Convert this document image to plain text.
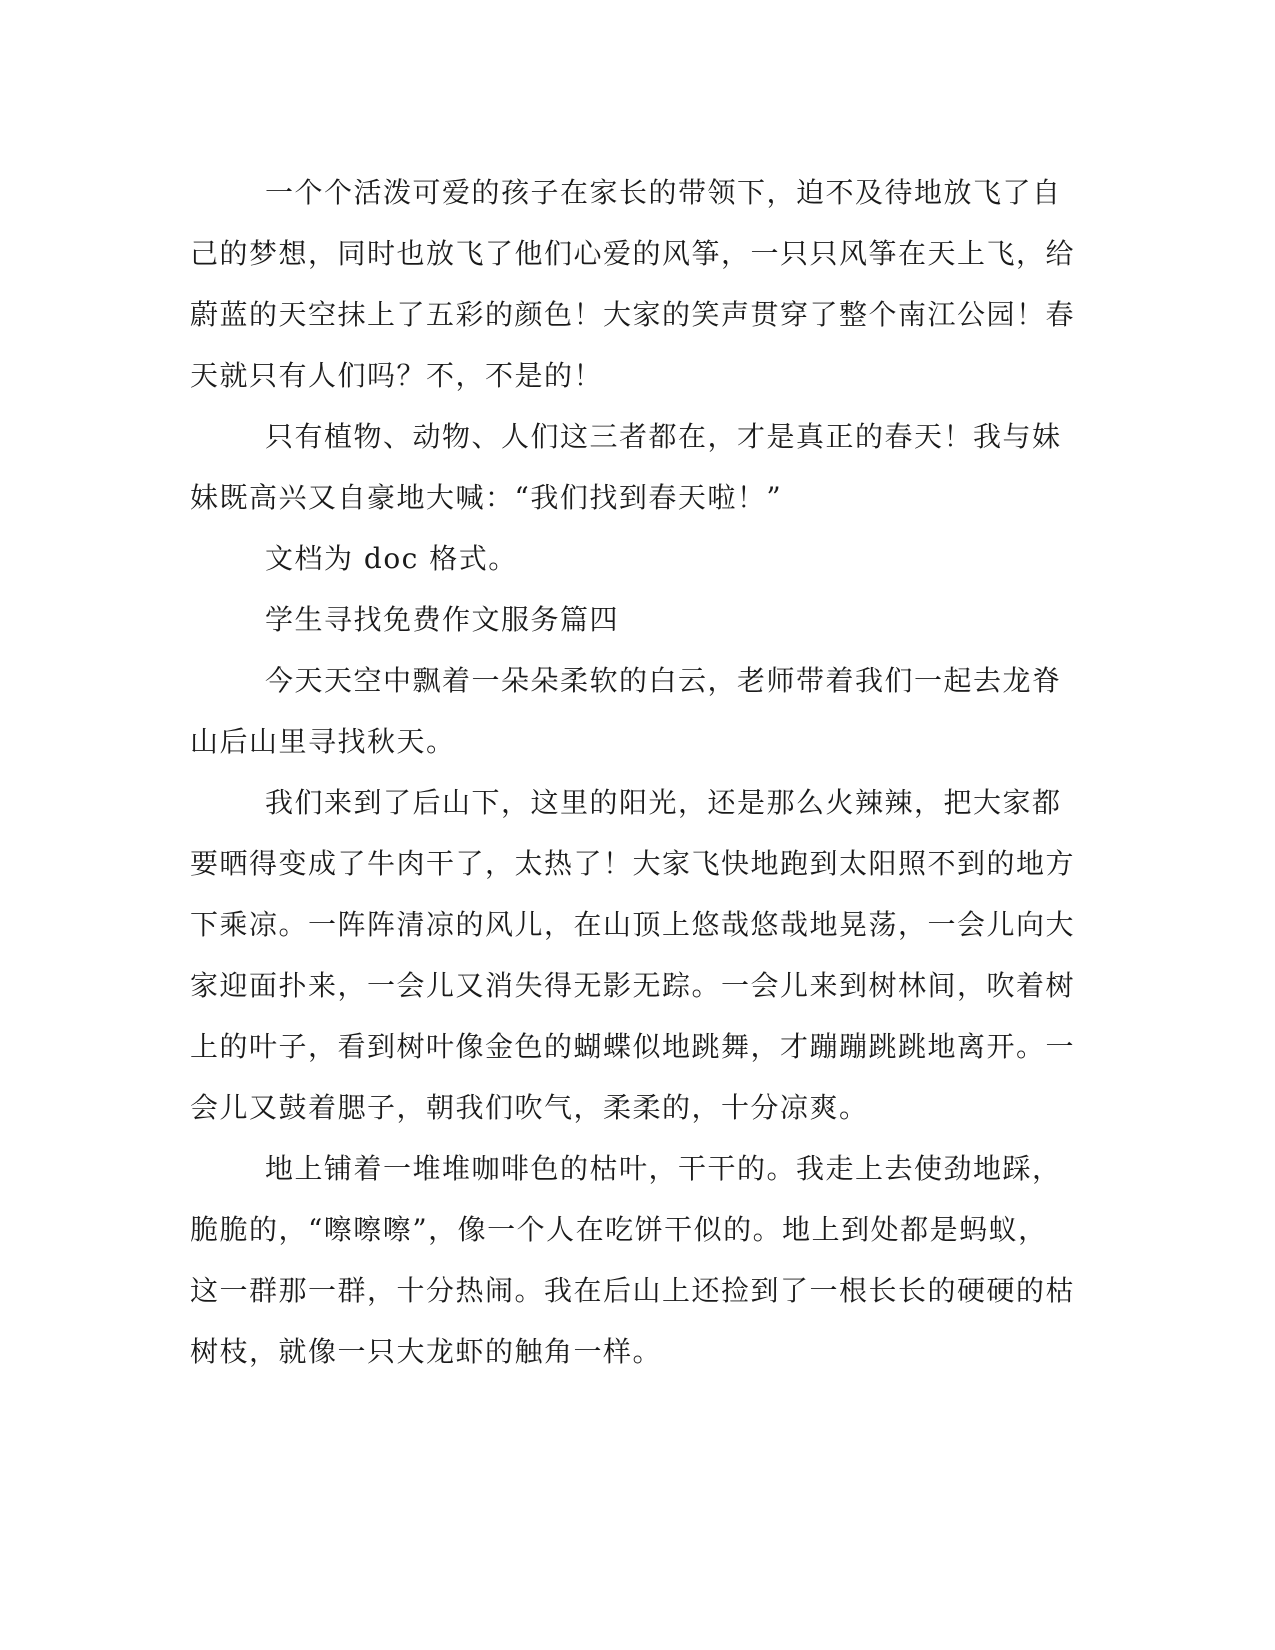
一个个活泼可爱的孩子在家长的带领下，迫不及待地放飞了自己的梦想，同时也放飞了他们心爱的风筝，一只只风筝在天上飞，给蔚蓝的天空抹上了五彩的颜色！大家的笑声贯穿了整个南江公园！春天就只有人们吗？不，不是的！

只有植物、动物、人们这三者都在，才是真正的春天！我与妹妹既高兴又自豪地大喊：“我们找到春天啦！”

文档为 doc 格式。

学生寻找免费作文服务篇四

今天天空中飘着一朵朵柔软的白云，老师带着我们一起去龙脊山后山里寻找秋天。

我们来到了后山下，这里的阳光，还是那么火辣辣，把大家都要晒得变成了牛肉干了，太热了！大家飞快地跑到太阳照不到的地方下乘凉。一阵阵清凉的风儿，在山顶上悠哉悠哉地晃荡，一会儿向大家迎面扑来，一会儿又消失得无影无踪。一会儿来到树林间，吹着树上的叶子，看到树叶像金色的蝴蝶似地跳舞，才蹦蹦跳跳地离开。一会儿又鼓着腮子，朝我们吹气，柔柔的，十分凉爽。

地上铺着一堆堆咖啡色的枯叶，干干的。我走上去使劲地踩，脆脆的，“嚓嚓嚓”，像一个人在吃饼干似的。地上到处都是蚂蚁，这一群那一群，十分热闹。我在后山上还捡到了一根长长的硬硬的枯树枝，就像一只大龙虾的触角一样。
